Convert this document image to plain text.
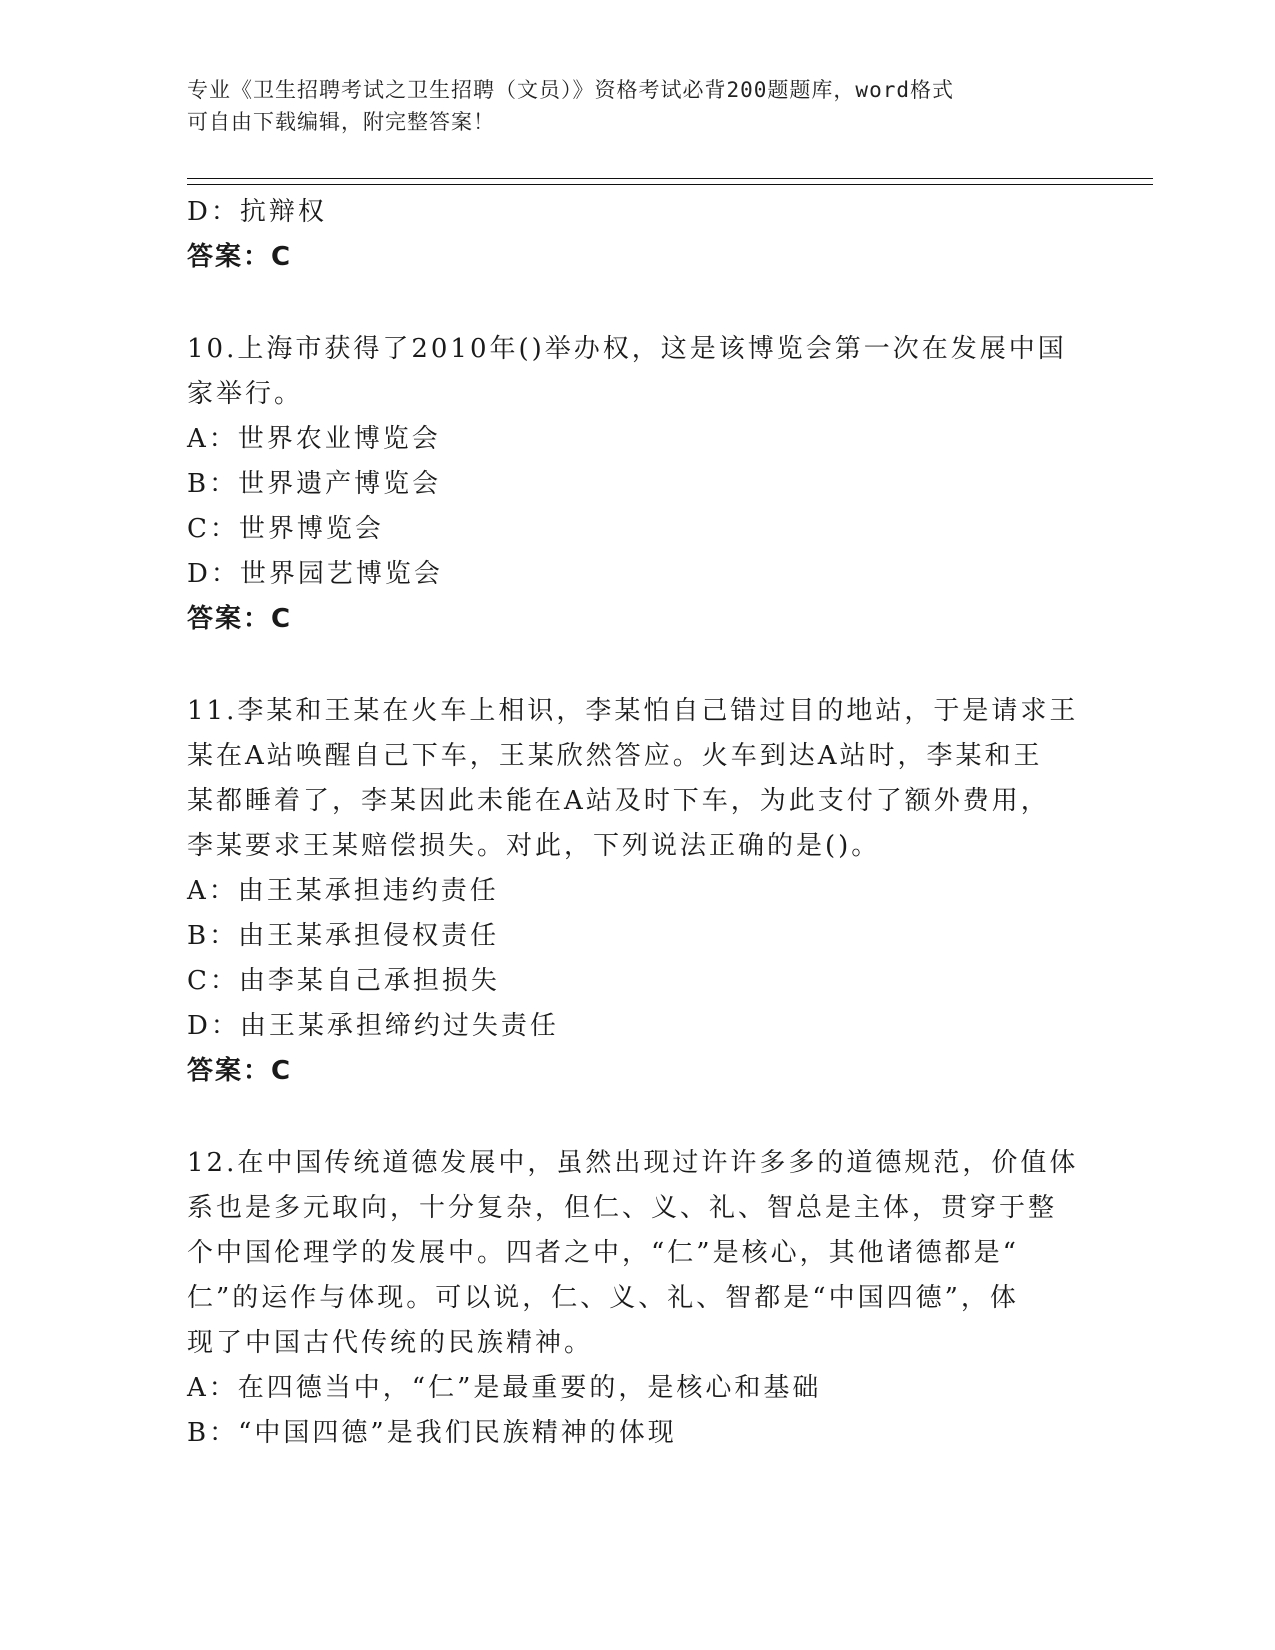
专业《卫生招聘考试之卫生招聘（文员）》资格考试必背200题题库，word格式
可自由下载编辑，附完整答案！
D：抗辩权
答案：C
10.上海市获得了2010年()举办权，这是该博览会第一次在发展中国
家举行。
A：世界农业博览会
B：世界遗产博览会
C：世界博览会
D：世界园艺博览会
答案：C
11.李某和王某在火车上相识，李某怕自己错过目的地站，于是请求王
某在A站唤醒自己下车，王某欣然答应。火车到达A站时，李某和王
某都睡着了，李某因此未能在A站及时下车，为此支付了额外费用，
李某要求王某赔偿损失。对此，下列说法正确的是()。
A：由王某承担违约责任
B：由王某承担侵权责任
C：由李某自己承担损失
D：由王某承担缔约过失责任
答案：C
12.在中国传统道德发展中，虽然出现过许许多多的道德规范，价值体
系也是多元取向，十分复杂，但仁、义、礼、智总是主体，贯穿于整
个中国伦理学的发展中。四者之中，“仁”是核心，其他诸德都是“
仁”的运作与体现。可以说，仁、义、礼、智都是“中国四德”，体
现了中国古代传统的民族精神。
A：在四德当中，“仁”是最重要的，是核心和基础
B：“中国四德”是我们民族精神的体现
